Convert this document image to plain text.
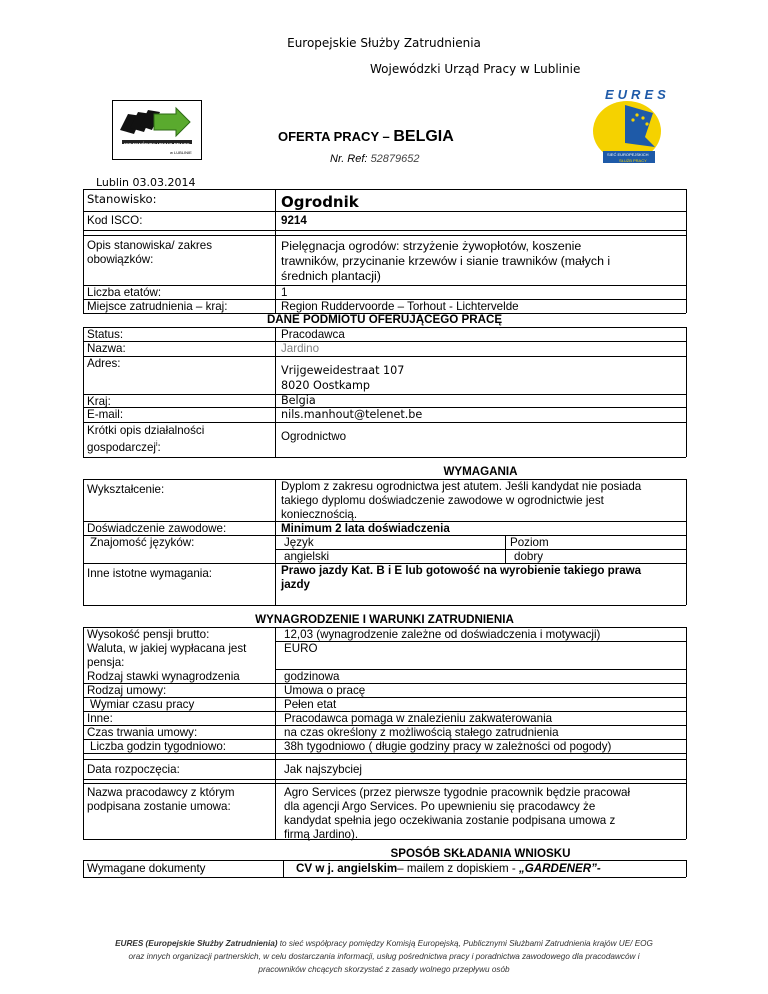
Europejskie Służby Zatrudnienia
Wojewódzki Urząd Pracy w Lublinie
WOJEWÓDZKI URZĄD PRACY
w LUBLINIE
EURES
SIEĆ EUROPEJSKICH
SŁUŻB PRACY
OFERTA PRACY – BELGIA
Nr. Ref: 52879652
Lublin 03.03.2014
Stanowisko:	Ogrodnik
Kod ISCO:	9214
Opis stanowiska/ zakres
obowiązków:
Pielęgnacja ogrodów: strzyżenie żywopłotów, koszenie
trawników, przycinanie krzewów i sianie trawników (małych i
średnich plantacji)
Liczba etatów:	1
Miejsce zatrudnienia – kraj:	Region Ruddervoorde – Torhout - Lichtervelde
DANE PODMIOTU OFERUJĄCEGO PRACĘ
Status:	Pracodawca
Nazwa:	Jardino
Adres:
Vrijgeweidestraat 107
8020 Oostkamp
Kraj:	Belgia
E-mail:	nils.manhout@telenet.be
Krótki opis działalności
gospodarczej$^i$:
Ogrodnictwo
WYMAGANIA
Wykształcenie:	Dyplom z zakresu ogrodnictwa jest atutem. Jeśli kandydat nie posiada
takiego dyplomu doświadczenie zawodowe w ogrodnictwie jest
koniecznością.
Doświadczenie zawodowe:	Minimum 2 lata doświadczenia
Znajomość języków:	Język	Poziom
angielski	dobry
Inne istotne wymagania:	Prawo jazdy Kat. B i E lub gotowość na wyrobienie takiego prawa
jazdy
WYNAGRODZENIE I WARUNKI ZATRUDNIENIA
Wysokość pensji brutto:	12,03 (wynagrodzenie zależne od doświadczenia i motywacji)
Waluta, w jakiej wypłacana jest
pensja:
EURO
Rodzaj stawki wynagrodzenia	godzinowa
Rodzaj umowy:	Umowa o pracę
Wymiar czasu pracy	Pełen etat
Inne:	Pracodawca pomaga w znalezieniu zakwaterowania
Czas trwania umowy:	na czas określony z możliwością stałego zatrudnienia
Liczba godzin tygodniowo:	38h tygodniowo ( długie godziny pracy w zależności od pogody)
Data rozpoczęcia:	Jak najszybciej
Nazwa pracodawcy z którym
podpisana zostanie umowa:
Agro Services (przez pierwsze tygodnie pracownik będzie pracował
dla agencji Argo Services. Po upewnieniu się pracodawcy że
kandydat spełnia jego oczekiwania zostanie podpisana umowa z
firmą Jardino).
SPOSÓB SKŁADANIA WNIOSKU
Wymagane dokumenty	CV w j. angielskim– mailem z dopiskiem - „GARDENER”-
EURES (Europejskie Służby Zatrudnienia) to sieć współpracy pomiędzy Komisją Europejską, Publicznymi Służbami Zatrudnienia krajów UE/ EOG
oraz innych organizacji partnerskich, w celu dostarczania informacji, usług pośrednictwa pracy i poradnictwa zawodowego dla pracodawców i
pracowników chcących skorzystać z zasady wolnego przepływu osób
